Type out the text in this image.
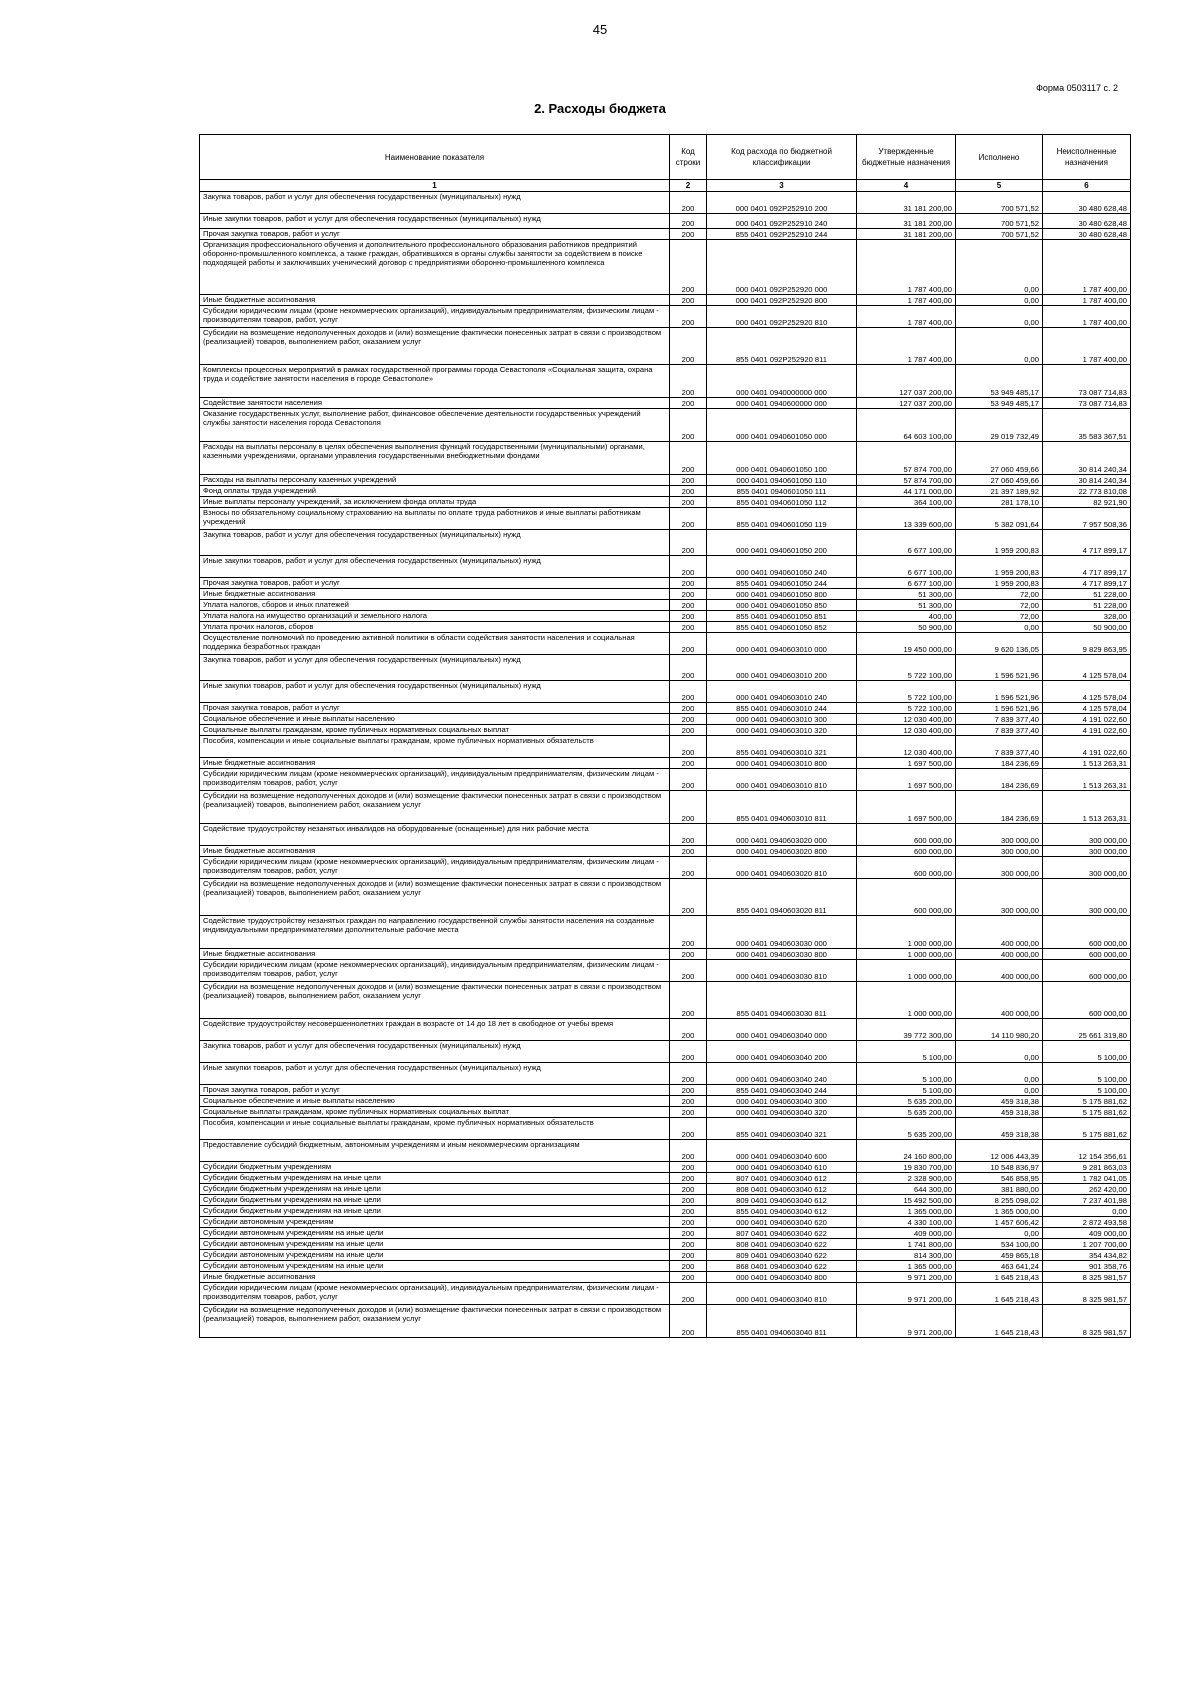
45
Форма 0503117 с. 2
2. Расходы бюджета
Наименование показателя	Код строки	Код расхода по бюджетной классификации	Утвержденные бюджетные назначения	Исполнено	Неисполненные назначения
1	2	3	4	5	6
Закупка товаров, работ и услуг для обеспечения государственных (муниципальных) нужд	200	000 0401 092P252910 200	31 181 200,00	700 571,52	30 480 628,48
Иные закупки товаров, работ и услуг для обеспечения государственных (муниципальных) нужд	200	000 0401 092P252910 240	31 181 200,00	700 571,52	30 480 628,48
Прочая закупка товаров, работ и услуг	200	855 0401 092P252910 244	31 181 200,00	700 571,52	30 480 628,48
Организация профессионального обучения и дополнительного профессионального образования работников предприятий оборонно-промышленного комплекса, а также граждан, обратившихся в органы службы занятости за содействием в поиске подходящей работы и заключивших ученический договор с предприятиями оборонно-промышленного комплекса	200	000 0401 092P252920 000	1 787 400,00	0,00	1 787 400,00
Иные бюджетные ассигнования	200	000 0401 092P252920 800	1 787 400,00	0,00	1 787 400,00
Субсидии юридическим лицам (кроме некоммерческих организаций), индивидуальным предпринимателям, физическим лицам - производителям товаров, работ, услуг	200	000 0401 092P252920 810	1 787 400,00	0,00	1 787 400,00
Субсидии на возмещение недополученных доходов и (или) возмещение фактически понесенных затрат в связи с производством (реализацией) товаров, выполнением работ, оказанием услуг	200	855 0401 092P252920 811	1 787 400,00	0,00	1 787 400,00
Комплексы процессных мероприятий в рамках государственной программы города Севастополя «Социальная защита, охрана труда и содействие занятости населения в городе Севастополе»	200	000 0401 0940000000 000	127 037 200,00	53 949 485,17	73 087 714,83
Содействие занятости населения	200	000 0401 0940600000 000	127 037 200,00	53 949 485,17	73 087 714,83
Оказание государственных услуг, выполнение работ, финансовое обеспечение деятельности государственных учреждений службы занятости населения города Севастополя	200	000 0401 0940601050 000	64 603 100,00	29 019 732,49	35 583 367,51
Расходы на выплаты персоналу в целях обеспечения выполнения функций государственными (муниципальными) органами, казенными учреждениями, органами управления государственными внебюджетными фондами	200	000 0401 0940601050 100	57 874 700,00	27 060 459,66	30 814 240,34
Расходы на выплаты персоналу казенных учреждений	200	000 0401 0940601050 110	57 874 700,00	27 060 459,66	30 814 240,34
Фонд оплаты труда учреждений	200	855 0401 0940601050 111	44 171 000,00	21 397 189,92	22 773 810,08
Иные выплаты персоналу учреждений, за исключением фонда оплаты труда	200	855 0401 0940601050 112	364 100,00	281 178,10	82 921,90
Взносы по обязательному социальному страхованию на выплаты по оплате труда работников и иные выплаты работникам учреждений	200	855 0401 0940601050 119	13 339 600,00	5 382 091,64	7 957 508,36
Закупка товаров, работ и услуг для обеспечения государственных (муниципальных) нужд	200	000 0401 0940601050 200	6 677 100,00	1 959 200,83	4 717 899,17
Иные закупки товаров, работ и услуг для обеспечения государственных (муниципальных) нужд	200	000 0401 0940601050 240	6 677 100,00	1 959 200,83	4 717 899,17
Прочая закупка товаров, работ и услуг	200	855 0401 0940601050 244	6 677 100,00	1 959 200,83	4 717 899,17
Иные бюджетные ассигнования	200	000 0401 0940601050 800	51 300,00	72,00	51 228,00
Уплата налогов, сборов и иных платежей	200	000 0401 0940601050 850	51 300,00	72,00	51 228,00
Уплата налога на имущество организаций и земельного налога	200	855 0401 0940601050 851	400,00	72,00	328,00
Уплата прочих налогов, сборов	200	855 0401 0940601050 852	50 900,00	0,00	50 900,00
Осуществление полномочий по проведению активной политики в области содействия занятости населения и социальная поддержка безработных граждан	200	000 0401 0940603010 000	19 450 000,00	9 620 136,05	9 829 863,95
Закупка товаров, работ и услуг для обеспечения государственных (муниципальных) нужд	200	000 0401 0940603010 200	5 722 100,00	1 596 521,96	4 125 578,04
Иные закупки товаров, работ и услуг для обеспечения государственных (муниципальных) нужд	200	000 0401 0940603010 240	5 722 100,00	1 596 521,96	4 125 578,04
Прочая закупка товаров, работ и услуг	200	855 0401 0940603010 244	5 722 100,00	1 596 521,96	4 125 578,04
Социальное обеспечение и иные выплаты населению	200	000 0401 0940603010 300	12 030 400,00	7 839 377,40	4 191 022,60
Социальные выплаты гражданам, кроме публичных нормативных социальных выплат	200	000 0401 0940603010 320	12 030 400,00	7 839 377,40	4 191 022,60
Пособия, компенсации и иные социальные выплаты гражданам, кроме публичных нормативных обязательств	200	855 0401 0940603010 321	12 030 400,00	7 839 377,40	4 191 022,60
Иные бюджетные ассигнования	200	000 0401 0940603010 800	1 697 500,00	184 236,69	1 513 263,31
Субсидии юридическим лицам (кроме некоммерческих организаций), индивидуальным предпринимателям, физическим лицам - производителям товаров, работ, услуг	200	000 0401 0940603010 810	1 697 500,00	184 236,69	1 513 263,31
Субсидии на возмещение недополученных доходов и (или) возмещение фактически понесенных затрат в связи с производством (реализацией) товаров, выполнением работ, оказанием услуг	200	855 0401 0940603010 811	1 697 500,00	184 236,69	1 513 263,31
Содействие трудоустройству незанятых инвалидов на оборудованные (оснащенные) для них рабочие места	200	000 0401 0940603020 000	600 000,00	300 000,00	300 000,00
Иные бюджетные ассигнования	200	000 0401 0940603020 800	600 000,00	300 000,00	300 000,00
Субсидии юридическим лицам (кроме некоммерческих организаций), индивидуальным предпринимателям, физическим лицам - производителям товаров, работ, услуг	200	000 0401 0940603020 810	600 000,00	300 000,00	300 000,00
Субсидии на возмещение недополученных доходов и (или) возмещение фактически понесенных затрат в связи с производством (реализацией) товаров, выполнением работ, оказанием услуг	200	855 0401 0940603020 811	600 000,00	300 000,00	300 000,00
Содействие трудоустройству незанятых граждан по направлению государственной службы занятости населения на созданные индивидуальными предпринимателями дополнительные рабочие места	200	000 0401 0940603030 000	1 000 000,00	400 000,00	600 000,00
Иные бюджетные ассигнования	200	000 0401 0940603030 800	1 000 000,00	400 000,00	600 000,00
Субсидии юридическим лицам (кроме некоммерческих организаций), индивидуальным предпринимателям, физическим лицам - производителям товаров, работ, услуг	200	000 0401 0940603030 810	1 000 000,00	400 000,00	600 000,00
Субсидии на возмещение недополученных доходов и (или) возмещение фактически понесенных затрат в связи с производством (реализацией) товаров, выполнением работ, оказанием услуг	200	855 0401 0940603030 811	1 000 000,00	400 000,00	600 000,00
Содействие трудоустройству несовершеннолетних граждан в возрасте от 14 до 18 лет в свободное от учебы время	200	000 0401 0940603040 000	39 772 300,00	14 110 980,20	25 661 319,80
Закупка товаров, работ и услуг для обеспечения государственных (муниципальных) нужд	200	000 0401 0940603040 200	5 100,00	0,00	5 100,00
Иные закупки товаров, работ и услуг для обеспечения государственных (муниципальных) нужд	200	000 0401 0940603040 240	5 100,00	0,00	5 100,00
Прочая закупка товаров, работ и услуг	200	855 0401 0940603040 244	5 100,00	0,00	5 100,00
Социальное обеспечение и иные выплаты населению	200	000 0401 0940603040 300	5 635 200,00	459 318,38	5 175 881,62
Социальные выплаты гражданам, кроме публичных нормативных социальных выплат	200	000 0401 0940603040 320	5 635 200,00	459 318,38	5 175 881,62
Пособия, компенсации и иные социальные выплаты гражданам, кроме публичных нормативных обязательств	200	855 0401 0940603040 321	5 635 200,00	459 318,38	5 175 881,62
Предоставление субсидий бюджетным, автономным учреждениям и иным некоммерческим организациям	200	000 0401 0940603040 600	24 160 800,00	12 006 443,39	12 154 356,61
Субсидии бюджетным учреждениям	200	000 0401 0940603040 610	19 830 700,00	10 548 836,97	9 281 863,03
Субсидии бюджетным учреждениям на иные цели	200	807 0401 0940603040 612	2 328 900,00	546 858,95	1 782 041,05
Субсидии бюджетным учреждениям на иные цели	200	808 0401 0940603040 612	644 300,00	381 880,00	262 420,00
Субсидии бюджетным учреждениям на иные цели	200	809 0401 0940603040 612	15 492 500,00	8 255 098,02	7 237 401,98
Субсидии бюджетным учреждениям на иные цели	200	855 0401 0940603040 612	1 365 000,00	1 365 000,00	0,00
Субсидии автономным учреждениям	200	000 0401 0940603040 620	4 330 100,00	1 457 606,42	2 872 493,58
Субсидии автономным учреждениям на иные цели	200	807 0401 0940603040 622	409 000,00	0,00	409 000,00
Субсидии автономным учреждениям на иные цели	200	808 0401 0940603040 622	1 741 800,00	534 100,00	1 207 700,00
Субсидии автономным учреждениям на иные цели	200	809 0401 0940603040 622	814 300,00	459 865,18	354 434,82
Субсидии автономным учреждениям на иные цели	200	868 0401 0940603040 622	1 365 000,00	463 641,24	901 358,76
Иные бюджетные ассигнования	200	000 0401 0940603040 800	9 971 200,00	1 645 218,43	8 325 981,57
Субсидии юридическим лицам (кроме некоммерческих организаций), индивидуальным предпринимателям, физическим лицам - производителям товаров, работ, услуг	200	000 0401 0940603040 810	9 971 200,00	1 645 218,43	8 325 981,57
Субсидии на возмещение недополученных доходов и (или) возмещение фактически понесенных затрат в связи с производством (реализацией) товаров, выполнением работ, оказанием услуг	200	855 0401 0940603040 811	9 971 200,00	1 645 218,43	8 325 981,57
